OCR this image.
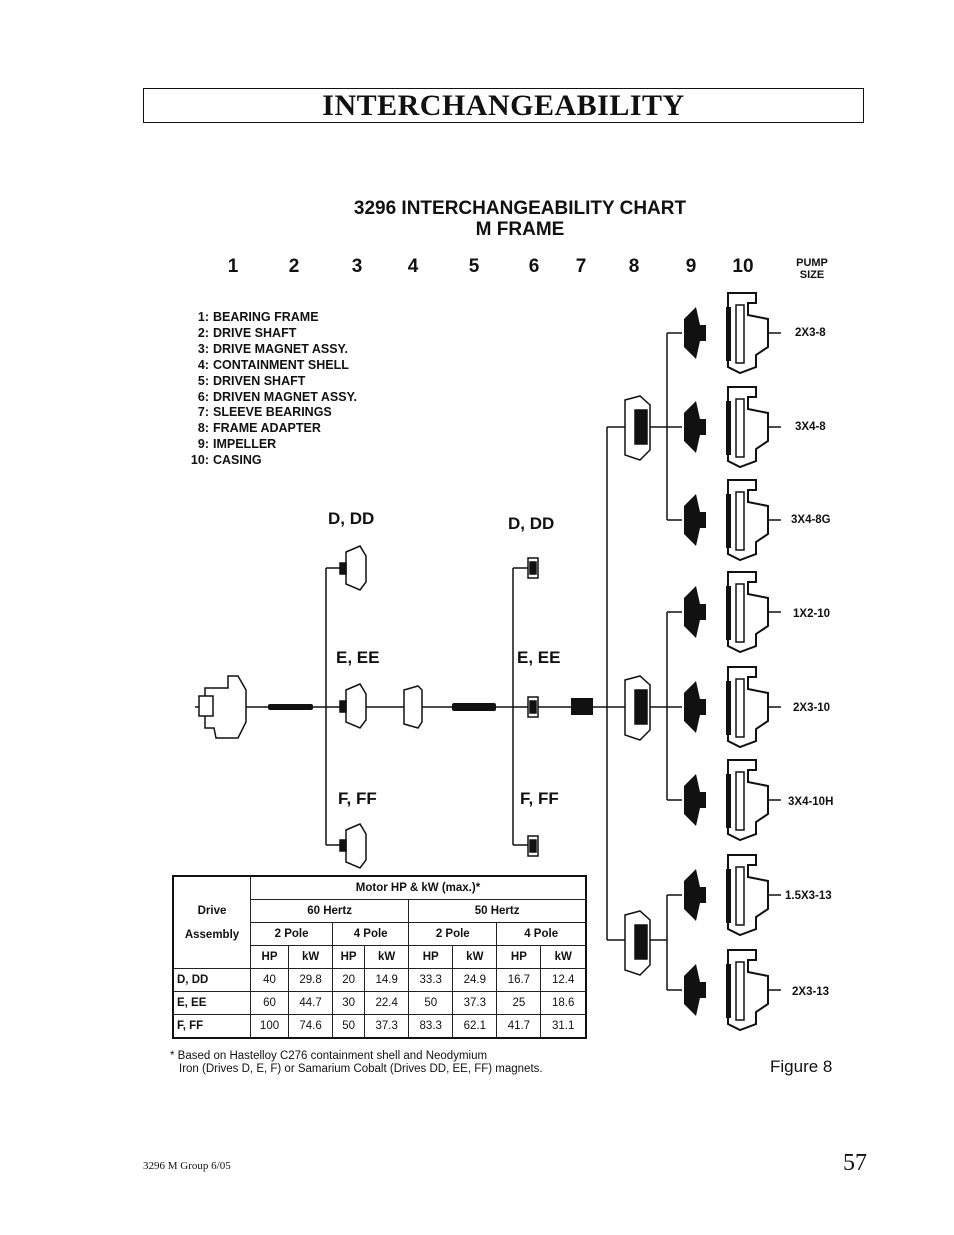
INTERCHANGEABILITY
3296 INTERCHANGEABILITY CHART
M FRAME
1	2	3 4	5	6 7 8 9 10	PUMP
SIZE
1: BEARING FRAME
2: DRIVE SHAFT
3: DRIVE MAGNET ASSY.
4: CONTAINMENT SHELL
5: DRIVEN SHAFT
6: DRIVEN MAGNET ASSY.
7: SLEEVE BEARINGS
8: FRAME ADAPTER
9: IMPELLER
10: CASING
D, DD
E, EE
F, FF
D, DD
E, EE
F, FF
2X3-8
3X4-8
3X4-8G
1X2-10
2X3-10
3X4-10H
1.5X3-13
2X3-13
Drive
Assembly	Motor HP & kW (max.)*							
	60 Hertz				50 Hertz			
	2 Pole		4 Pole		2 Pole		4 Pole	
	HP	kW	HP	kW	HP	kW	HP	kW
D, DD	40	29.8	20	14.9	33.3	24.9	16.7	12.4
E, EE	60	44.7	30	22.4	50	37.3	25	18.6
F, FF	100	74.6	50	37.3	83.3	62.1	41.7	31.1
* Based on Hastelloy C276 containment shell and Neodymium
Iron (Drives D, E, F) or Samarium Cobalt (Drives DD, EE, FF) magnets.	Figure 8
3296 M Group 6/05	57
